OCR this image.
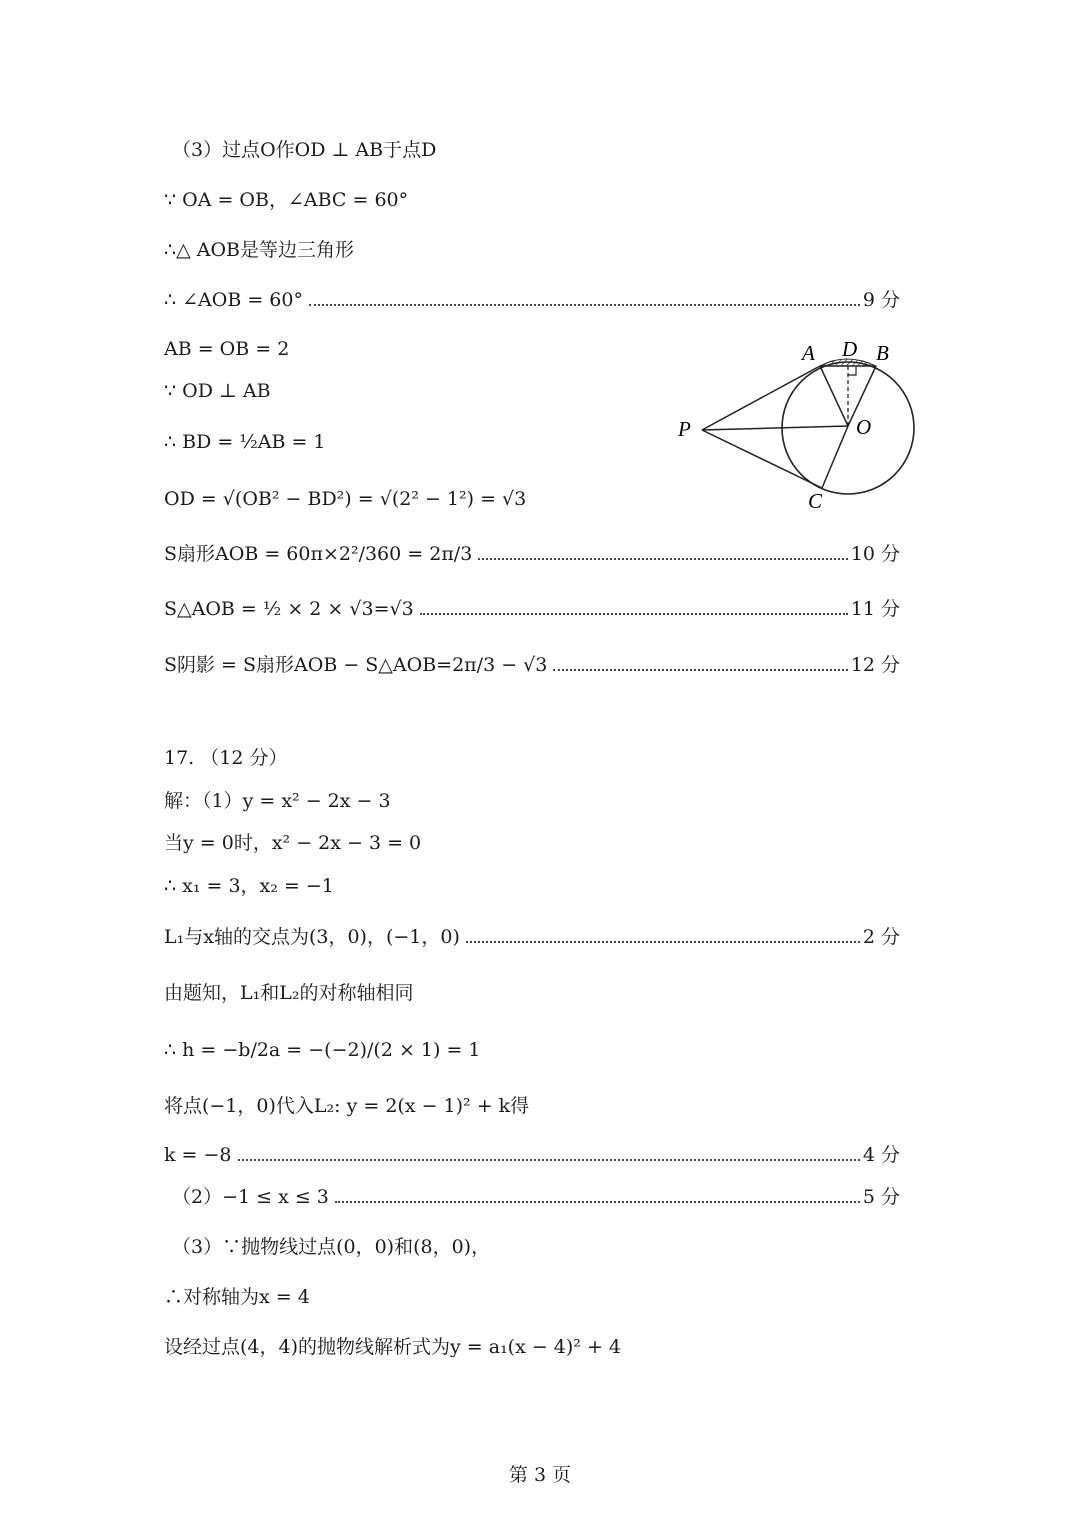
（3）过点O作OD ⊥ AB于点D
∵ OA = OB，∠ABC = 60°
∴△ AOB是等边三角形
∴ ∠AOB = 60°	9 分
AB = OB = 2
∵ OD ⊥ AB
∴ BD = ½AB = 1
OD = √(OB² − BD²) = √(2² − 1²) = √3
S扇形AOB = 60π×2²/360 = 2π/3	10 分
S△AOB = ½ × 2 × √3=√3	11 分
S阴影 = S扇形AOB − S△AOB=2π/3 − √3	12 分
A D B
P	O
C
17. （12 分）
解：（1）y = x² − 2x − 3
当y = 0时，x² − 2x − 3 = 0
∴ x₁ = 3，x₂ = −1
L₁与x轴的交点为(3，0)，(−1，0)	2 分
由题知，L₁和L₂的对称轴相同
∴ h = −b/2a = −(−2)/(2 × 1) = 1
将点(−1，0)代入L₂: y = 2(x − 1)² + k得
k = −8	4 分
（2）−1 ≤ x ≤ 3	5 分
（3）∵抛物线过点(0，0)和(8，0)，
∴对称轴为x = 4
设经过点(4，4)的抛物线解析式为y = a₁(x − 4)² + 4
第 3 页
